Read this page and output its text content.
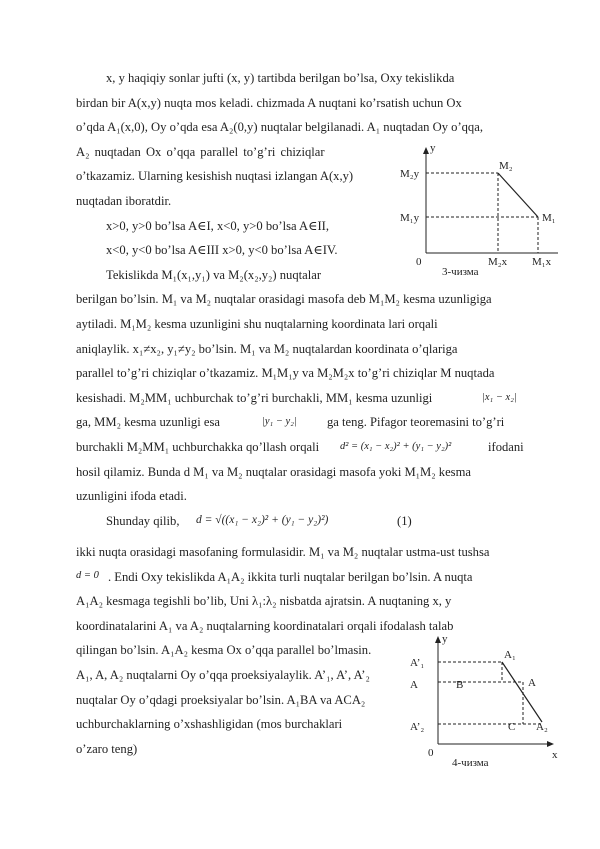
x, y haqiqiy sonlar jufti (x, y) tartibda berilgan bo’lsa, Oxy tekislikda
birdan bir A(x,y) nuqta mos keladi. chizmada A nuqtani ko’rsatish uchun Ox
o’qda A₁(x,0), Oy o’qda esa A₂(0,y) nuqtalar belgilanadi. A₁ nuqtadan Oy o’qqa,
A₂ nuqtadan Ox o’qqa parallel to’g’ri chiziqlar
o’tkazamiz. Ularning kesishish nuqtasi izlangan A(x,y)
nuqtadan iboratdir.
x>0, y>0 bo’lsa A∈I, x<0, y>0 bo’lsa A∈II,
x<0, y<0 bo’lsa A∈III x>0, y<0 bo’lsa A∈IV.
Tekislikda M₁(x₁,y₁) va M₂(x₂,y₂) nuqtalar
y
M₂y
M₂
M₁y	M₁
0	M₂x M₁x
3-чизма
berilgan bo’lsin. M₁ va M₂ nuqtalar orasidagi masofa deb M₁M₂ kesma uzunligiga
aytiladi. M₁M₂ kesma uzunligini shu nuqtalarning koordinata lari orqali
aniqlaylik. x₁≠x₂, y₁≠y₂ bo’lsin. M₁ va M₂ nuqtalardan koordinata o’qlariga
parallel to’g’ri chiziqlar o’tkazamiz. M₁M₁y va M₂M₂x to’g’ri chiziqlar M nuqtada
kesishadi. M₂MM₁ uchburchak to’g’ri burchakli, MM₁ kesma uzunligi	|x₁ − x₂|
ga, MM₂ kesma uzunligi esa	|y₁ − y₂| ga teng. Pifagor teoremasini to’g’ri
burchakli M₂MM₁ uchburchakka qo’llash orqali	d² = (x₁ − x₂)² + (y₁ − y₂)²	ifodani
hosil qilamiz. Bunda d M₁ va M₂ nuqtalar orasidagi masofa yoki M₁M₂ kesma
uzunligini ifoda etadi.
Shunday qilib,	d = √((x₁ − x₂)² + (y₁ − y₂)²)	(1)
ikki nuqta orasidagi masofaning formulasidir. M₁ va M₂ nuqtalar ustma-ust tushsa
d = 0 . Endi Oxy tekislikda A₁A₂ ikkita turli nuqtalar berilgan bo’lsin. A nuqta
A₁A₂ kesmaga tegishli bo’lib, Uni λ₁:λ₂ nisbatda ajratsin. A nuqtaning x, y
koordinatalarini A₁ va A₂ nuqtalarning koordinatalari orqali ifodalash talab
qilingan bo’lsin. A₁A₂ kesma Ox o’qqa parallel bo’lmasin.
A₁, A, A₂ nuqtalarni Oy o’qqa proeksiyalaylik. A’₁, A’, A’₂
nuqtalar Oy o’qdagi proeksiyalar bo’lsin. A₁BA va ACA₂
uchburchaklarning o’xshashligidan (mos burchaklari
o’zaro teng)
y
A’₁
A₁
A	B	A
A’₂	C A₂
0	x
4-чизма
